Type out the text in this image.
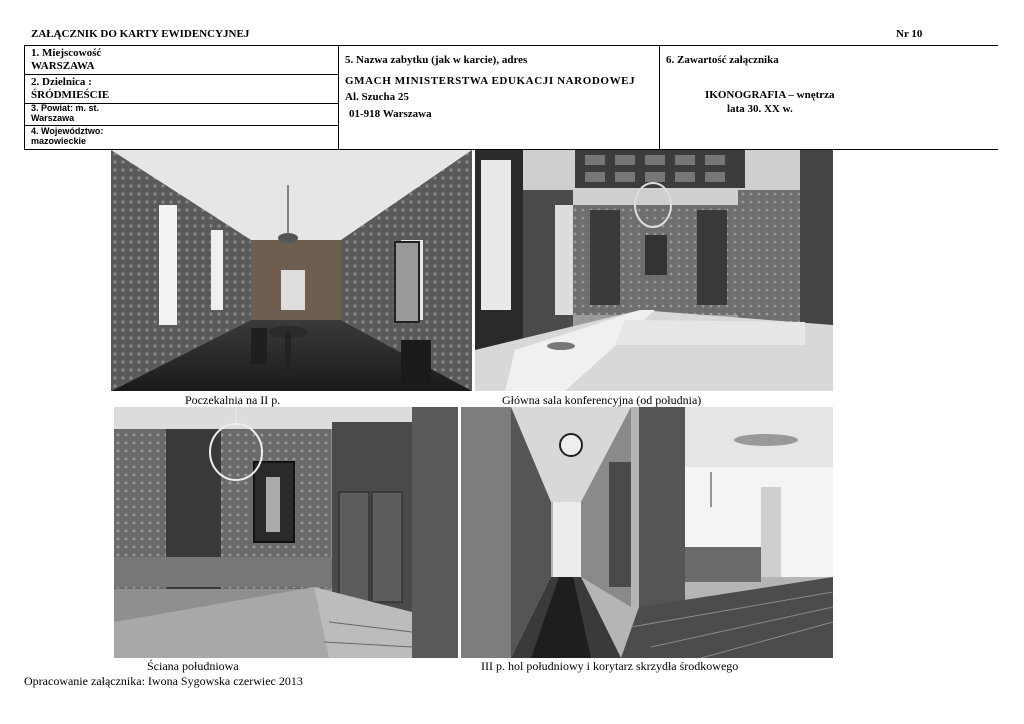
ZAŁĄCZNIK DO KARTY EWIDENCYJNEJ	Nr 10
1. Miejscowość
WARSZAWA
2. Dzielnica :
ŚRÓDMIEŚCIE
3. Powiat: m. st.
Warszawa
4. Województwo:
mazowieckie
5. Nazwa zabytku (jak w karcie), adres
GMACH MINISTERSTWA EDUKACJI NARODOWEJ
Al. Szucha 25
01-918 Warszawa
6. Zawartość załącznika
IKONOGRAFIA – wnętrza
lata 30. XX w.
Poczekalnia na II p.	Główna sala konferencyjna (od południa)
Ściana południowa	III p. hol południowy i korytarz skrzydła środkowego
Opracowanie załącznika: Iwona Sygowska czerwiec 2013
